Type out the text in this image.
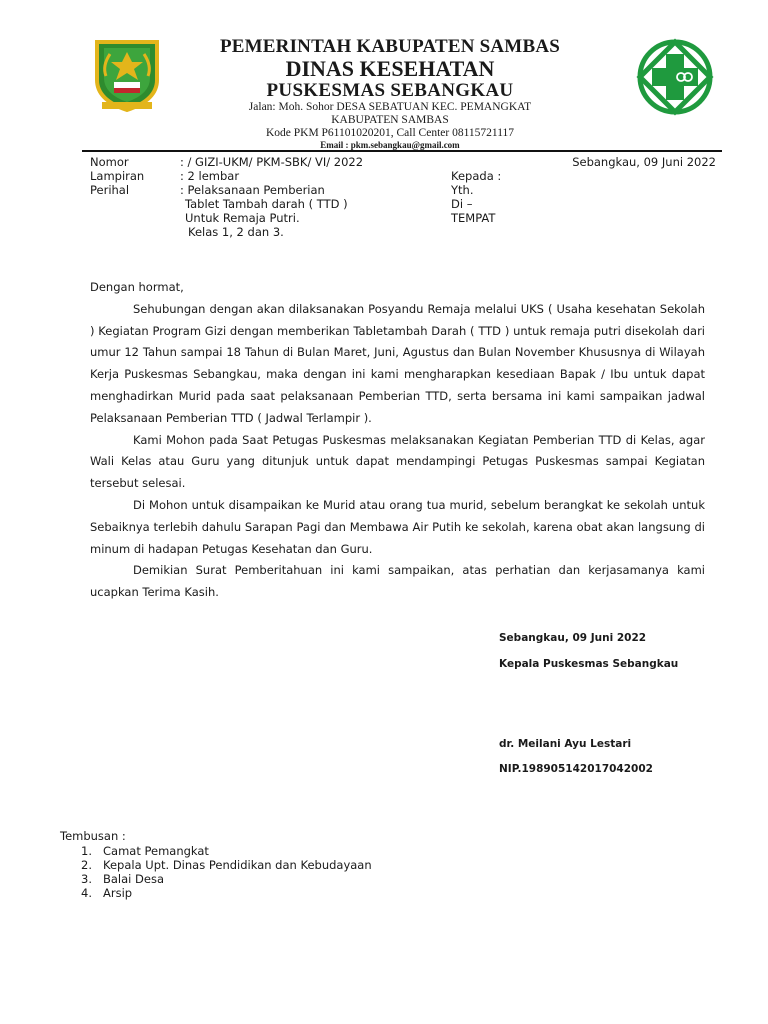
PEMERINTAH KABUPATEN SAMBAS
DINAS KESEHATAN
PUSKESMAS SEBANGKAU
Jalan: Moh. Sohor DESA SEBATUAN KEC. PEMANGKAT
KABUPATEN SAMBAS
Kode PKM P61101020201, Call Center 08115721117
Email : pkm.sebangkau@gmail.com
Nomor	: / GIZI-UKM/ PKM-SBK/ VI/ 2022	Sebangkau, 09 Juni 2022
Lampiran	: 2 lembar	Kepada :
Perihal	: Pelaksanaan Pemberian	Yth.
Tablet Tambah darah ( TTD )	Di –
Untuk Remaja Putri.	TEMPAT
Kelas 1, 2 dan 3.
Dengan hormat,
Sehubungan dengan akan dilaksanakan Posyandu Remaja melalui UKS ( Usaha kesehatan Sekolah ) Kegiatan Program Gizi dengan memberikan Tabletambah Darah ( TTD ) untuk remaja putri disekolah dari umur 12 Tahun sampai 18 Tahun di Bulan Maret, Juni, Agustus dan Bulan November Khususnya di Wilayah Kerja Puskesmas Sebangkau, maka dengan ini kami mengharapkan kesediaan Bapak / Ibu untuk dapat menghadirkan Murid pada saat pelaksanaan Pemberian TTD, serta bersama ini kami sampaikan jadwal Pelaksanaan Pemberian TTD ( Jadwal Terlampir ).
Kami Mohon pada Saat Petugas Puskesmas melaksanakan Kegiatan Pemberian TTD di Kelas, agar Wali Kelas atau Guru yang ditunjuk untuk dapat mendampingi Petugas Puskesmas sampai Kegiatan tersebut selesai.
Di Mohon untuk disampaikan ke Murid atau orang tua murid, sebelum berangkat ke sekolah untuk Sebaiknya terlebih dahulu Sarapan Pagi dan Membawa Air Putih ke sekolah, karena obat akan langsung di minum di hadapan Petugas Kesehatan dan Guru.
Demikian Surat Pemberitahuan ini kami sampaikan, atas perhatian dan kerjasamanya kami ucapkan Terima Kasih.
Sebangkau, 09 Juni 2022
Kepala Puskesmas Sebangkau
dr. Meilani Ayu Lestari
NIP.198905142017042002
Tembusan :
1. Camat Pemangkat
2. Kepala Upt. Dinas Pendidikan dan Kebudayaan
3. Balai Desa
4. Arsip
